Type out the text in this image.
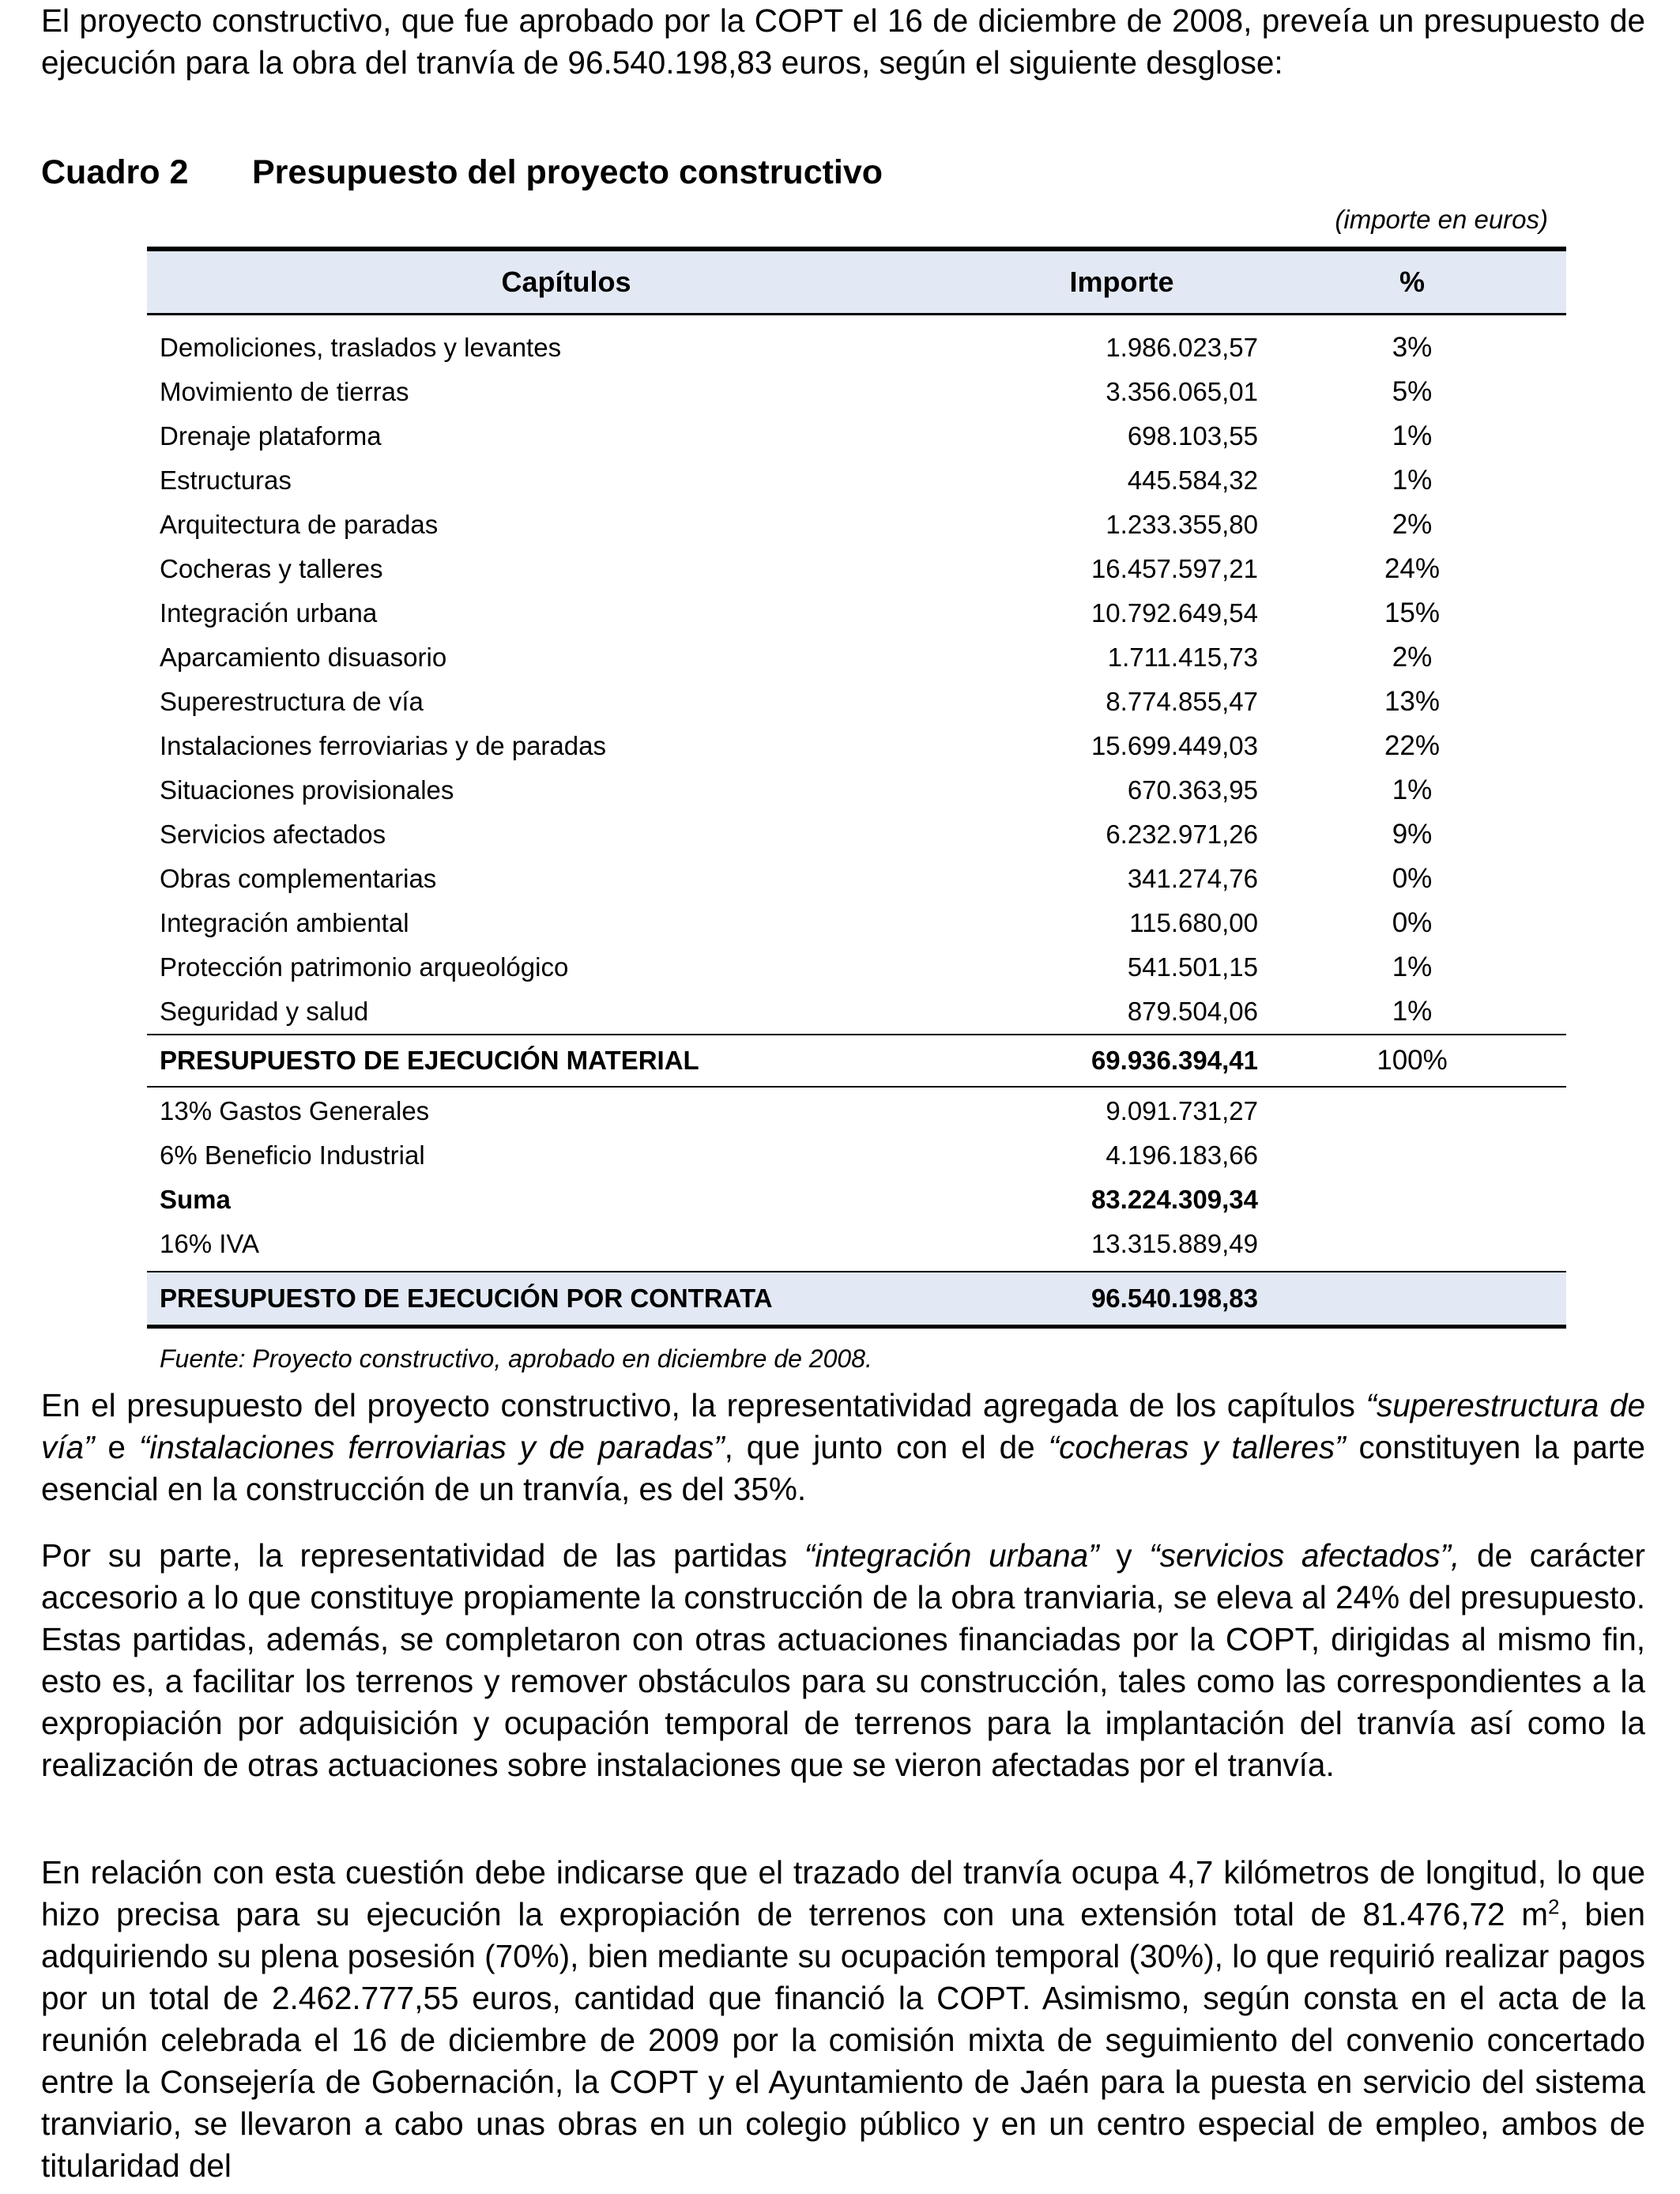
El proyecto constructivo, que fue aprobado por la COPT el 16 de diciembre de 2008, preveía un presupuesto de ejecución para la obra del tranvía de 96.540.198,83 euros, según el siguiente desglose:

Cuadro 2 Presupuesto del proyecto constructivo
(importe en euros)
Capítulos	Importe	%
Demoliciones, traslados y levantes	1.986.023,57	3%
Movimiento de tierras	3.356.065,01	5%
Drenaje plataforma	698.103,55	1%
Estructuras	445.584,32	1%
Arquitectura de paradas	1.233.355,80	2%
Cocheras y talleres	16.457.597,21	24%
Integración urbana	10.792.649,54	15%
Aparcamiento disuasorio	1.711.415,73	2%
Superestructura de vía	8.774.855,47	13%
Instalaciones ferroviarias y de paradas	15.699.449,03	22%
Situaciones provisionales	670.363,95	1%
Servicios afectados	6.232.971,26	9%
Obras complementarias	341.274,76	0%
Integración ambiental	115.680,00	0%
Protección patrimonio arqueológico	541.501,15	1%
Seguridad y salud	879.504,06	1%
PRESUPUESTO DE EJECUCIÓN MATERIAL	69.936.394,41	100%
13% Gastos Generales	9.091.731,27
6% Beneficio Industrial	4.196.183,66
Suma	83.224.309,34
16% IVA	13.315.889,49
PRESUPUESTO DE EJECUCIÓN POR CONTRATA	96.540.198,83
Fuente: Proyecto constructivo, aprobado en diciembre de 2008.

En el presupuesto del proyecto constructivo, la representatividad agregada de los capítulos “superestructura de vía” e “instalaciones ferroviarias y de paradas”, que junto con el de “cocheras y talleres” constituyen la parte esencial en la construcción de un tranvía, es del 35%.

Por su parte, la representatividad de las partidas “integración urbana” y “servicios afectados”, de carácter accesorio a lo que constituye propiamente la construcción de la obra tranviaria, se eleva al 24% del presupuesto. Estas partidas, además, se completaron con otras actuaciones financiadas por la COPT, dirigidas al mismo fin, esto es, a facilitar los terrenos y remover obstáculos para su construcción, tales como las correspondientes a la expropiación por adquisición y ocupación temporal de terrenos para la implantación del tranvía así como la realización de otras actuaciones sobre instalaciones que se vieron afectadas por el tranvía.

En relación con esta cuestión debe indicarse que el trazado del tranvía ocupa 4,7 kilómetros de longitud, lo que hizo precisa para su ejecución la expropiación de terrenos con una extensión total de 81.476,72 $m^2$, bien adquiriendo su plena posesión (70%), bien mediante su ocupación temporal (30%), lo que requirió realizar pagos por un total de 2.462.777,55 euros, cantidad que financió la COPT. Asimismo, según consta en el acta de la reunión celebrada el 16 de diciembre de 2009 por la comisión mixta de seguimiento del convenio concertado entre la Consejería de Gobernación, la COPT y el Ayuntamiento de Jaén para la puesta en servicio del sistema tranviario, se llevaron a cabo unas obras en un colegio público y en un centro especial de empleo, ambos de titularidad del
